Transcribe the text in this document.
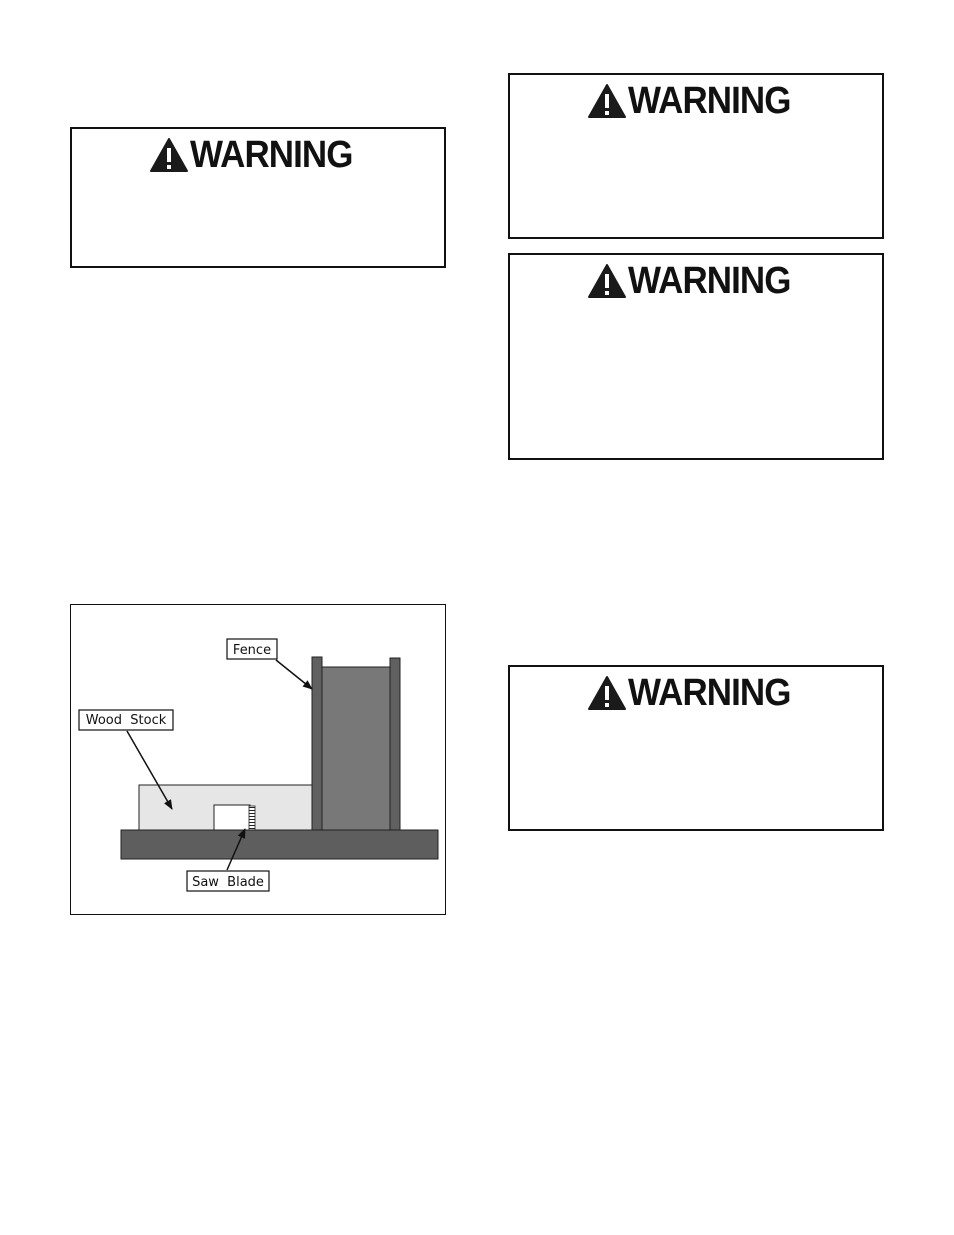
WARNING
WARNING
WARNING
WARNING
Fence
Wood  Stock
Saw  Blade
